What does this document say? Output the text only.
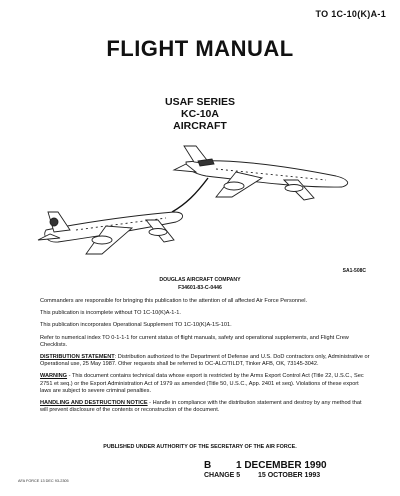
TO 1C-10(K)A-1
FLIGHT MANUAL
USAF SERIES
KC-10A
AIRCRAFT
SA1-508C
DOUGLAS AIRCRAFT COMPANY
F34601-83-C-0446

Commanders are responsible for bringing this publication to the attention of all affected Air Force Personnel.

This publication is incomplete without TO 1C-10(K)A-1-1.

This publication incorporates Operational Supplement TO 1C-10(K)A-1S-101.

Refer to numerical index TO 0-1-1-1 for current status of flight manuals, safety and operational supplements, and Flight Crew Checklists.

DISTRIBUTION STATEMENT: Distribution authorized to the Department of Defense and U.S. DoD contractors only, Administrative or Operational use, 25 May 1987. Other requests shall be referred to OC-ALC/TILDT, Tinker AFB, OK, 73145-3042.

WARNING - This document contains technical data whose export is restricted by the Arms Export Control Act (Title 22, U.S.C., Sec 2751 et seq.) or the Export Administration Act of 1979 as amended (Title 50, U.S.C., App. 2401 et seq). Violations of these export laws are subject to severe criminal penalties.

HANDLING AND DESTRUCTION NOTICE - Handle in compliance with the distribution statement and destroy by any method that will prevent disclosure of the contents or reconstruction of the document.

PUBLISHED UNDER AUTHORITY OF THE SECRETARY OF THE AIR FORCE.
AFA FORCE 13 DEC 93-2305
B 1 DECEMBER 1990
CHANGE 5	15 OCTOBER 1993
